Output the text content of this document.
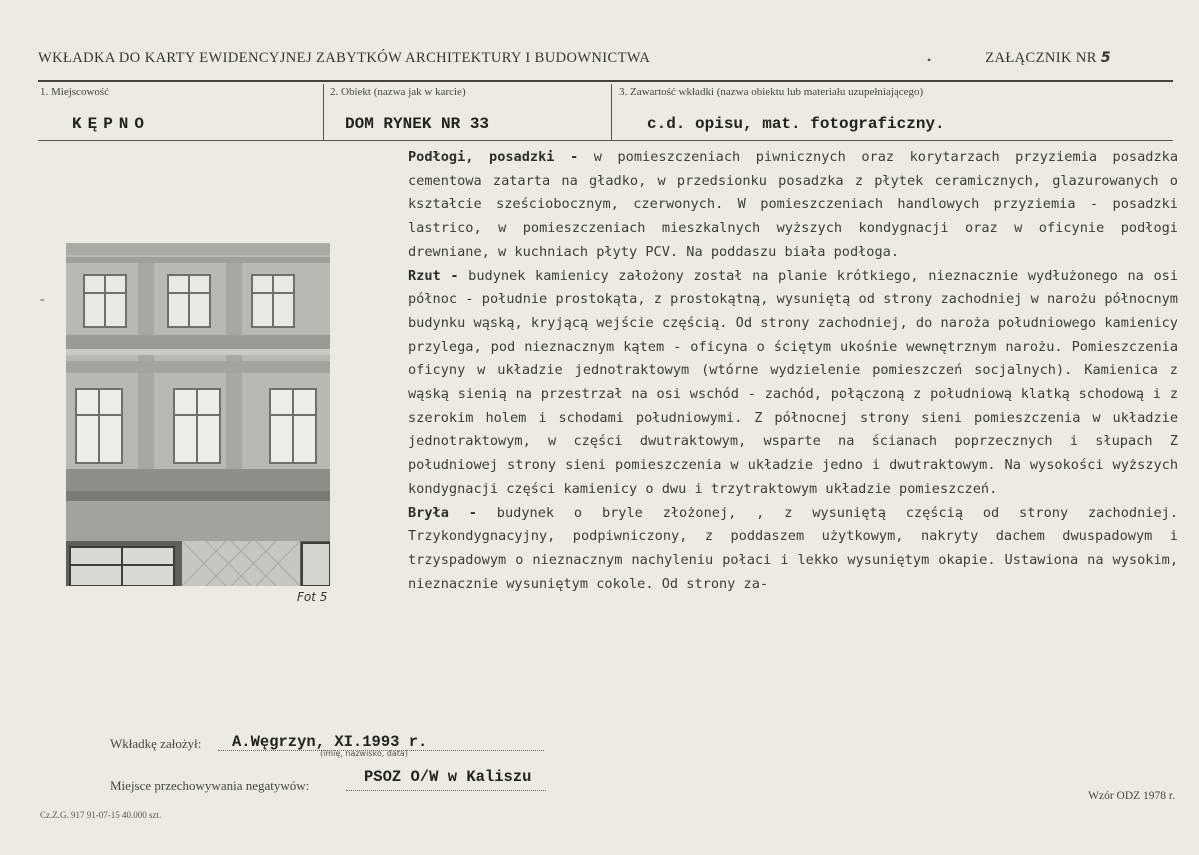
WKŁADKA DO KARTY EWIDENCYJNEJ ZABYTKÓW ARCHITEKTURY I BUDOWNICTWA	•	ZAŁĄCZNIK NR 5
1. Miejscowość	2. Obiekt (nazwa jak w karcie)	3. Zawartość wkładki (nazwa obiektu lub materiału uzupełniającego)
KĘPNO	DOM RYNEK NR 33	c.d. opisu, mat. fotograficzny.
-
Fot 5

Podłogi, posadzki - w pomieszczeniach piwnicznych oraz korytarzach przyziemia posadzka cementowa zatarta na gładko, w przedsionku posadzka z płytek ceramicznych, glazurowanych o kształcie sześciobocznym, czerwonych. W pomieszczeniach handlowych przyziemia - posadzki lastrico, w pomieszczeniach mieszkalnych wyższych kondygnacji oraz w oficynie podłogi drewniane, w kuchniach płyty PCV. Na poddaszu biała podłoga.

Rzut - budynek kamienicy założony został na planie krótkiego, nieznacznie wydłużonego na osi północ - południe prostokąta, z prostokątną, wysuniętą od strony zachodniej w narożu północnym budynku wąską, kryjącą wejście częścią. Od strony zachodniej, do naroża południowego kamienicy przylega, pod nieznacznym kątem - oficyna o ściętym ukośnie wewnętrznym narożu. Pomieszczenia oficyny w układzie jednotraktowym (wtórne wydzielenie pomieszczeń socjalnych). Kamienica z wąską sienią na przestrzał na osi wschód - zachód, połączoną z południową klatką schodową i z szerokim holem i schodami południowymi. Z północnej strony sieni pomieszczenia w układzie jednotraktowym, w części dwutraktowym, wsparte na ścianach poprzecznych i słupach Z południowej strony sieni pomieszczenia w układzie jedno i dwutraktowym. Na wysokości wyższych kondygnacji części kamienicy o dwu i trzytraktowym układzie pomieszczeń.

Bryła - budynek o bryle złożonej, , z wysuniętą częścią od strony zachodniej. Trzykondygnacyjny, podpiwniczony, z poddaszem użytkowym, nakryty dachem dwuspadowym i trzyspadowym o nieznacznym nachyleniu połaci i lekko wysuniętym okapie. Ustawiona na wysokim, nieznacznie wysuniętym cokole. Od strony za-

Wkładkę założył: A.Węgrzyn, XI.1993 r.
(imię, nazwisko, data)
Miejsce przechowywania negatywów:	PSOZ O/W w Kaliszu
Cz.Z.G. 917 91-07-15 40.000 szt.
Wzór ODZ 1978 r.
